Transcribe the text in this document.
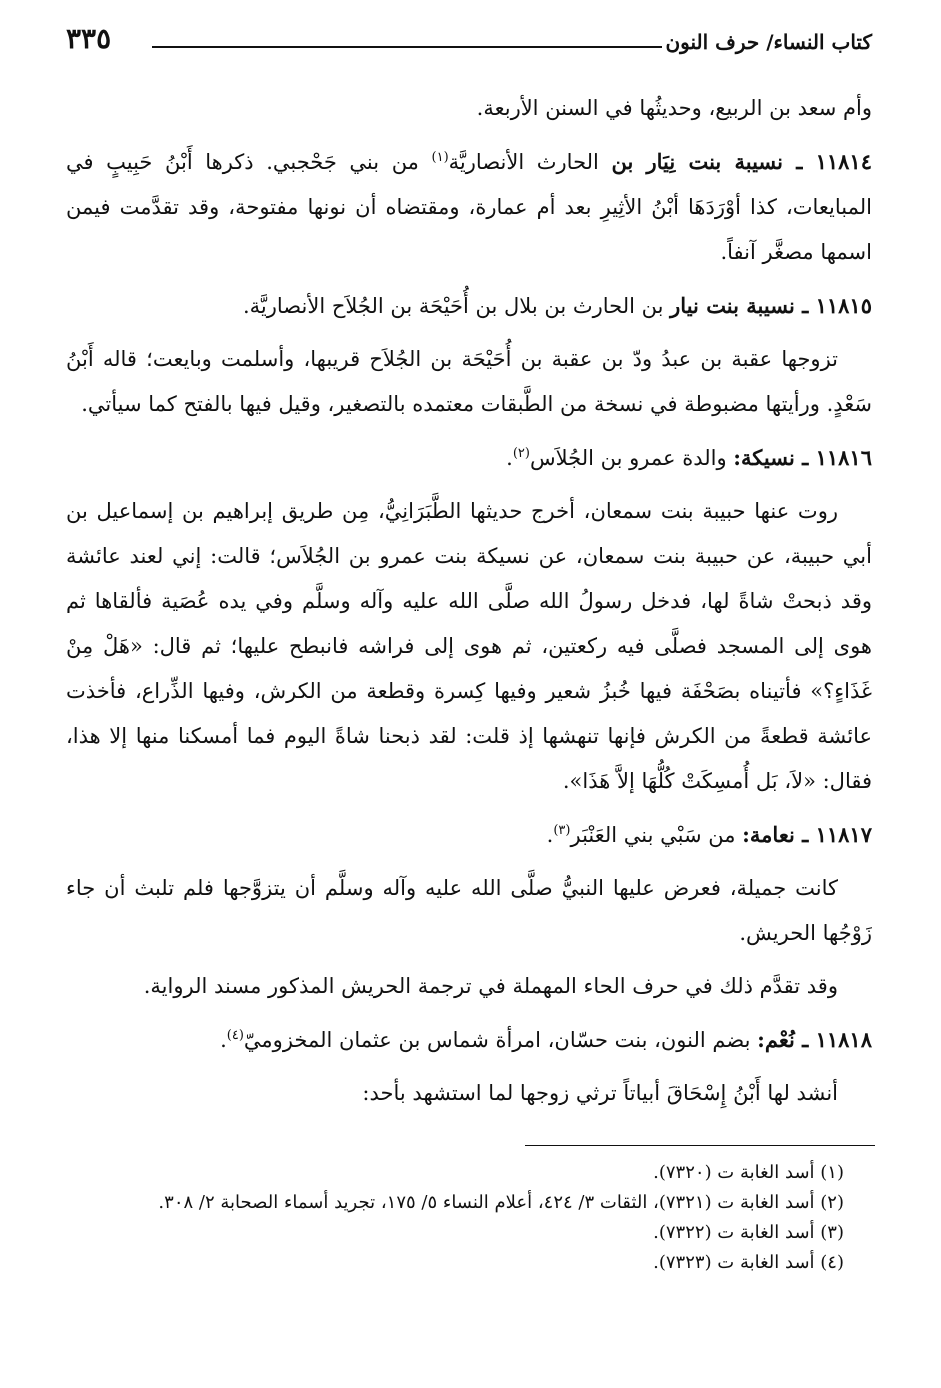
كتاب النساء/ حرف النون
٣٣٥

وأم سعد بن الربيع، وحديثُها في السنن الأربعة.

١١٨١٤ ـ نسيبة بنت نِيَار بن الحارث الأنصاريَّة$^{(١)}$ من بني جَحْجبي. ذكرها أَبْنُ حَبِيبٍ في المبايعات، كذا أوْرَدَهَا أبْنُ الأثِيرِ بعد أم عمارة، ومقتضاه أن نونها مفتوحة، وقد تقدَّمت فيمن اسمها مصغَّر آنفاً.

١١٨١٥ ـ نسيبة بنت نيار بن الحارث بن بلال بن أُحَيْحَة بن الجُلاَح الأنصاريَّة.

تزوجها عقبة بن عبدُ ودّ بن عقبة بن أُحَيْحَة بن الجُلاَح قريبها، وأسلمت وبايعت؛ قاله أَبْنُ سَعْدٍ. ورأيتها مضبوطة في نسخة من الطَّبقات معتمده بالتصغير، وقيل فيها بالفتح كما سيأتي.

١١٨١٦ ـ نسيكة: والدة عمرو بن الجُلاَس$^{(٢)}$.

روت عنها حبيبة بنت سمعان، أخرج حديثها الطَّبَرَانِيُّ، مِن طريق إبراهيم بن إسماعيل بن أبي حبيبة، عن حبيبة بنت سمعان، عن نسيكة بنت عمرو بن الجُلاَس؛ قالت: إني لعند عائشة وقد ذبحتْ شاةً لها، فدخل رسولُ الله صلَّى الله عليه وآله وسلَّم وفي يده عُصَية فألقاها ثم هوى إلى المسجد فصلَّى فيه ركعتين، ثم هوى إلى فراشه فانبطح عليها؛ ثم قال: «هَلْ مِنْ غَذَاءٍ؟» فأتيناه بصَحْفَة فيها خُبزُ شعير وفيها كِسرة وقطعة من الكرش، وفيها الذِّراع، فأخذت عائشة قطعةً من الكرش فإنها تنهشها إذ قلت: لقد ذبحنا شاةً اليوم فما أمسكنا منها إلا هذا، فقال: «لاَ، بَل أُمسِكَتْ كُلُّهَا إلاَّ هَذَا».

١١٨١٧ ـ نعامة: من سَبْي بني العَنْبَر$^{(٣)}$.

كانت جميلة، فعرض عليها النبيُّ صلَّى الله عليه وآله وسلَّم أن يتزوَّجها فلم تلبث أن جاء زَوْجُها الحريش.

وقد تقدَّم ذلك في حرف الحاء المهملة في ترجمة الحريش المذكور مسند الرواية.

١١٨١٨ ـ نُعْم: بضم النون، بنت حسّان، امرأة شماس بن عثمان المخزوميّ$^{(٤)}$.

أنشد لها أَبْنُ إِسْحَاقَ أبياتاً ترثي زوجها لما استشهد بأحد:

(١) أسد الغابة ت (٧٣٢٠).

(٢) أسد الغابة ت (٧٣٢١)، الثقات ٣/ ٤٢٤، أعلام النساء ٥/ ١٧٥، تجريد أسماء الصحابة ٢/ ٣٠٨.

(٣) أسد الغابة ت (٧٣٢٢).

(٤) أسد الغابة ت (٧٣٢٣).
